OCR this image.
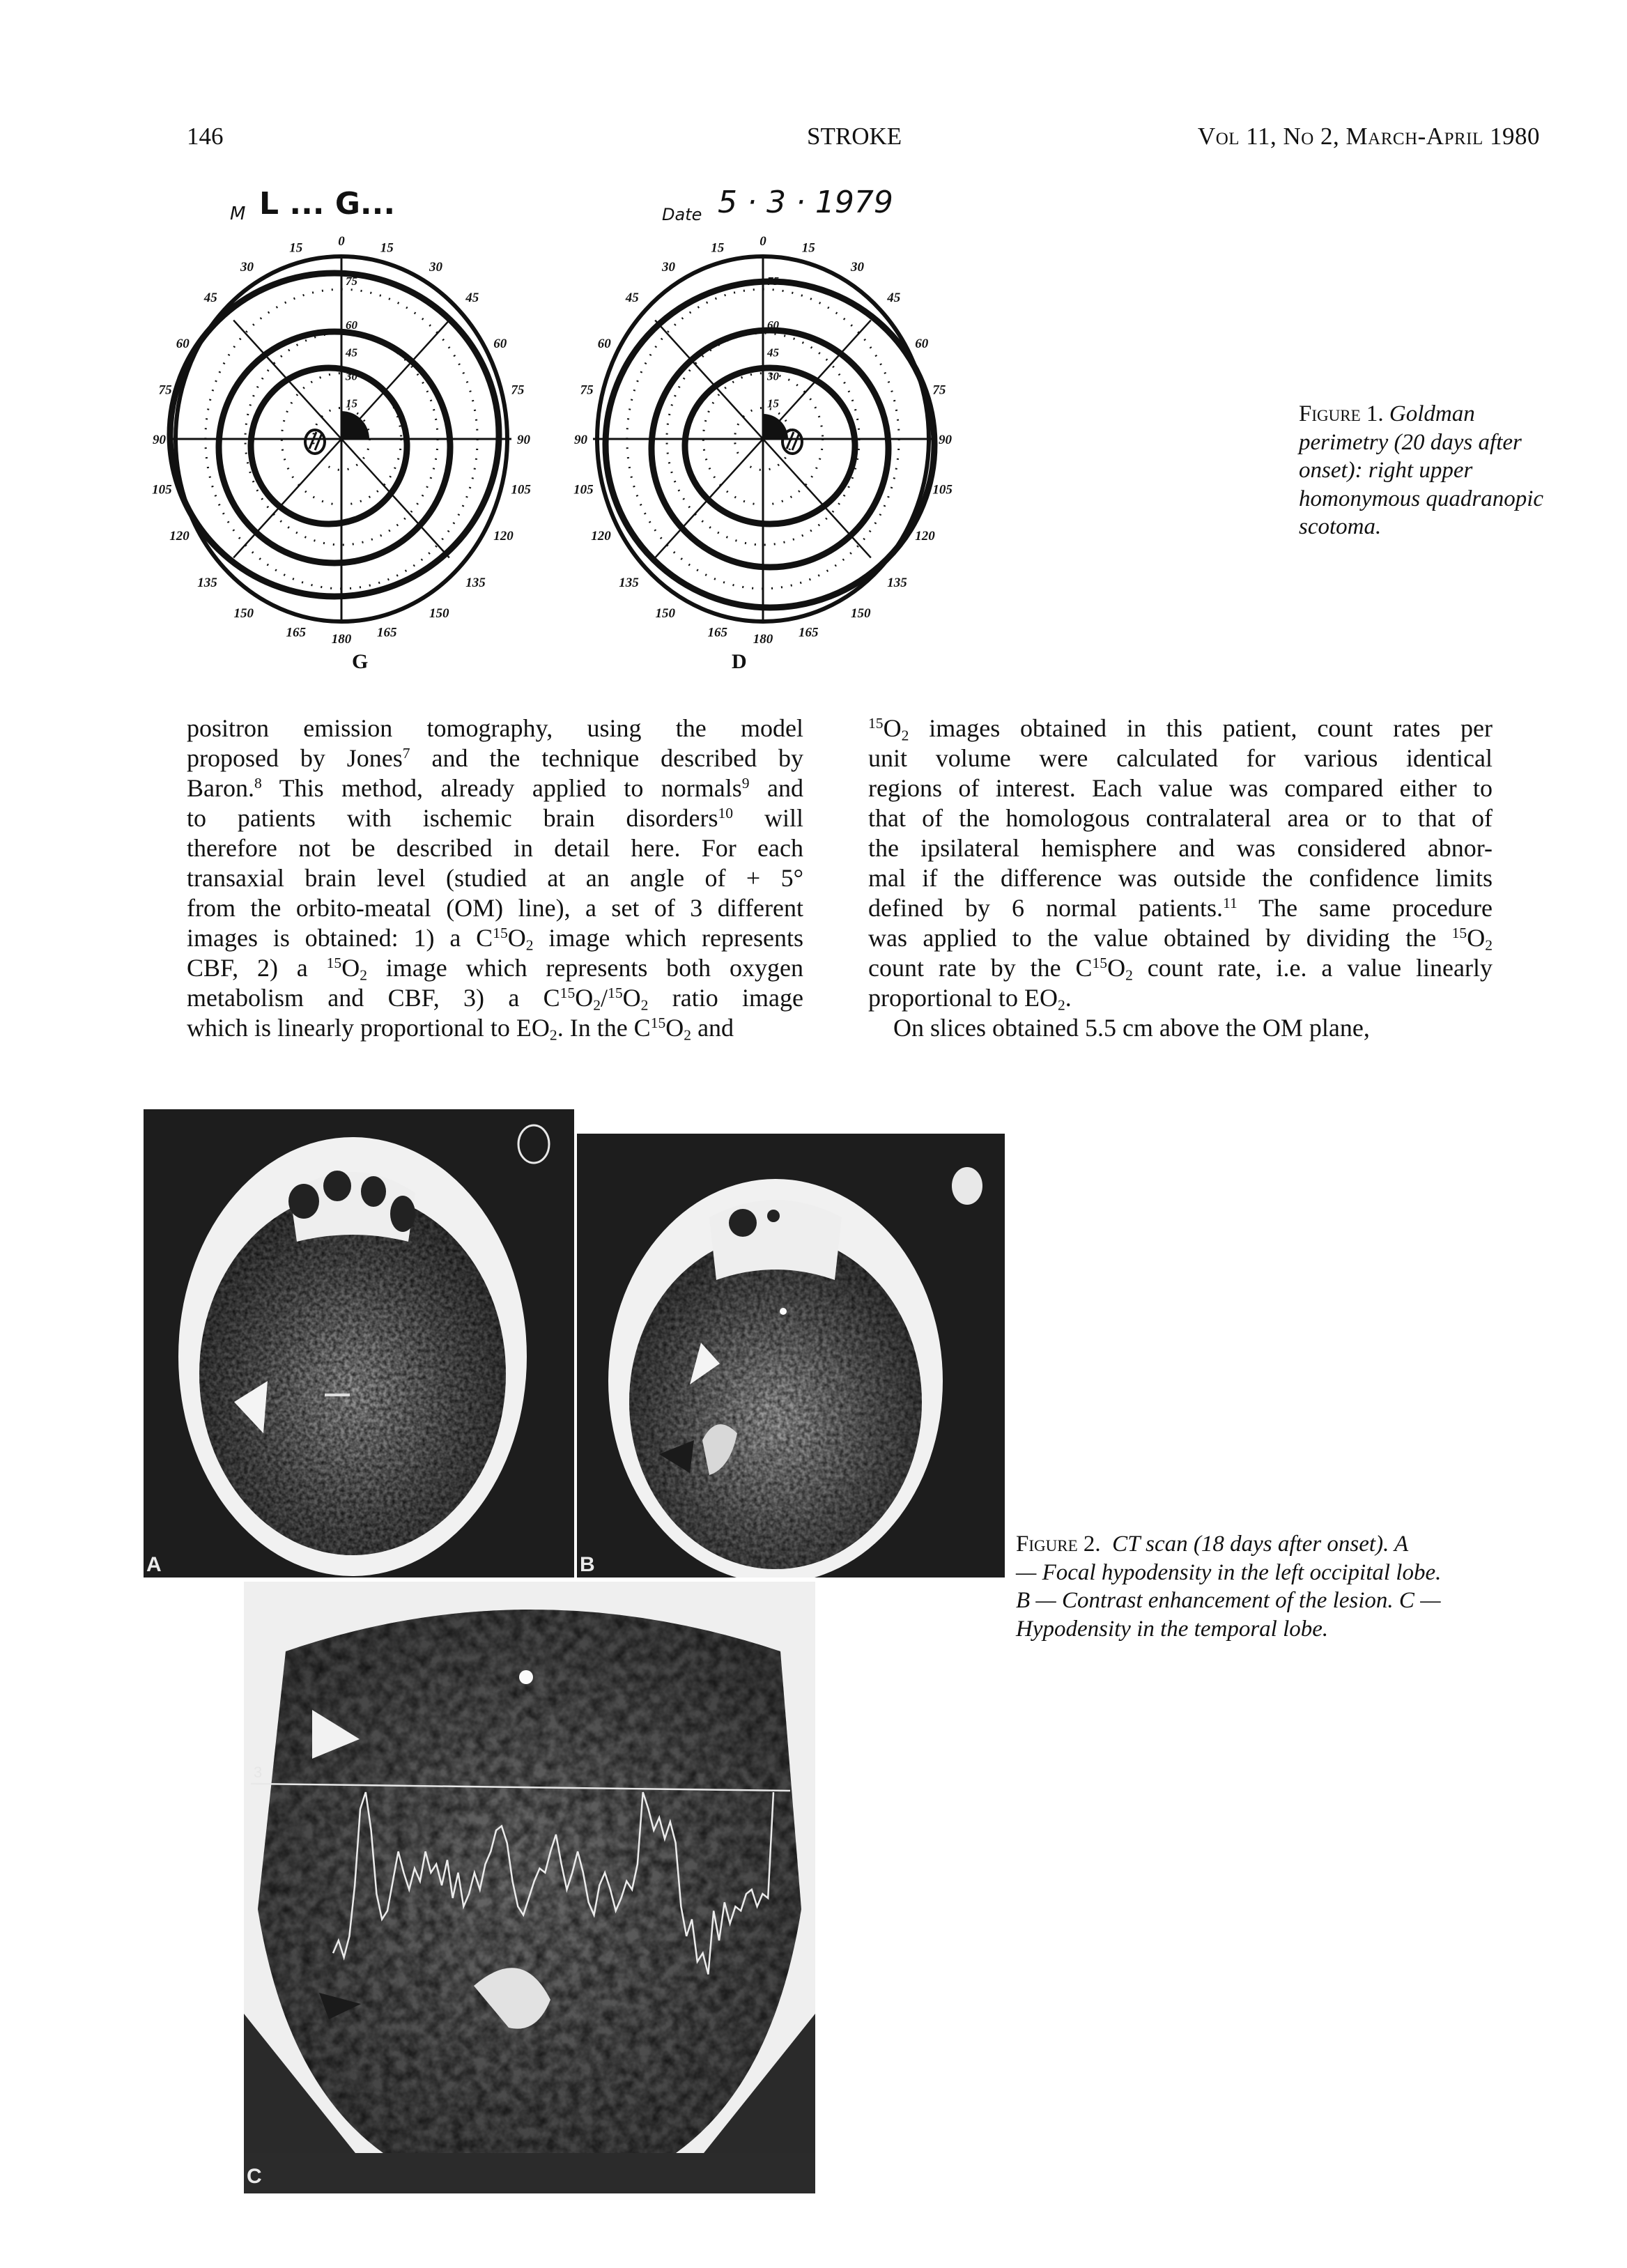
146	STROKE	Vol 11, No 2, March-April 1980
M L ... G...	Date 5 · 3 · 1979
0	15
30
45
60
75
90
105
120
135
150
165
180
165
150
135
120
105
90
75
60
45
30
15
75
60
45
30
15
0	15
30
45
60
75
90
105
120
135
150
165
180
165
150
135
120
105
90
75
60
45
30
15
75
60
45
30
15
G	D
Figure 1. Goldman perimetry (20 days after onset): right upper homonymous quadranopic scotoma.
positron emission tomography, using the model
proposed by Jones$^7$ and the technique described by
Baron.$^8$ This method, already applied to normals$^9$ and
to patients with ischemic brain disorders$^{10}$ will
therefore not be described in detail here. For each
transaxial brain level (studied at an angle of + 5°
from the orbito-meatal (OM) line), a set of 3 different
images is obtained: 1) a $C^{15}O_2$ image which represents
CBF, 2) a $^{15}O_2$ image which represents both oxygen
metabolism and CBF, 3) a $C^{15}O_2/^{15}O_2$ ratio image
which is linearly proportional to $EO_2$. In the $C^{15}O_2$ and
$^{15}O_2$ images obtained in this patient, count rates per
unit volume were calculated for various identical
regions of interest. Each value was compared either to
that of the homologous contralateral area or to that of
the ipsilateral hemisphere and was considered abnor-
mal if the difference was outside the confidence limits
defined by 6 normal patients.$^{11}$ The same procedure
was applied to the value obtained by dividing the $^{15}O_2$
count rate by the $C^{15}O_2$ count rate, i.e. a value linearly
proportional to $EO_2$.
On slices obtained 5.5 cm above the OM plane,
A	B
3
C
Figure 2. CT scan (18 days after onset). A
— Focal hypodensity in the left occipital lobe.
B — Contrast enhancement of the lesion. C —
Hypodensity in the temporal lobe.
